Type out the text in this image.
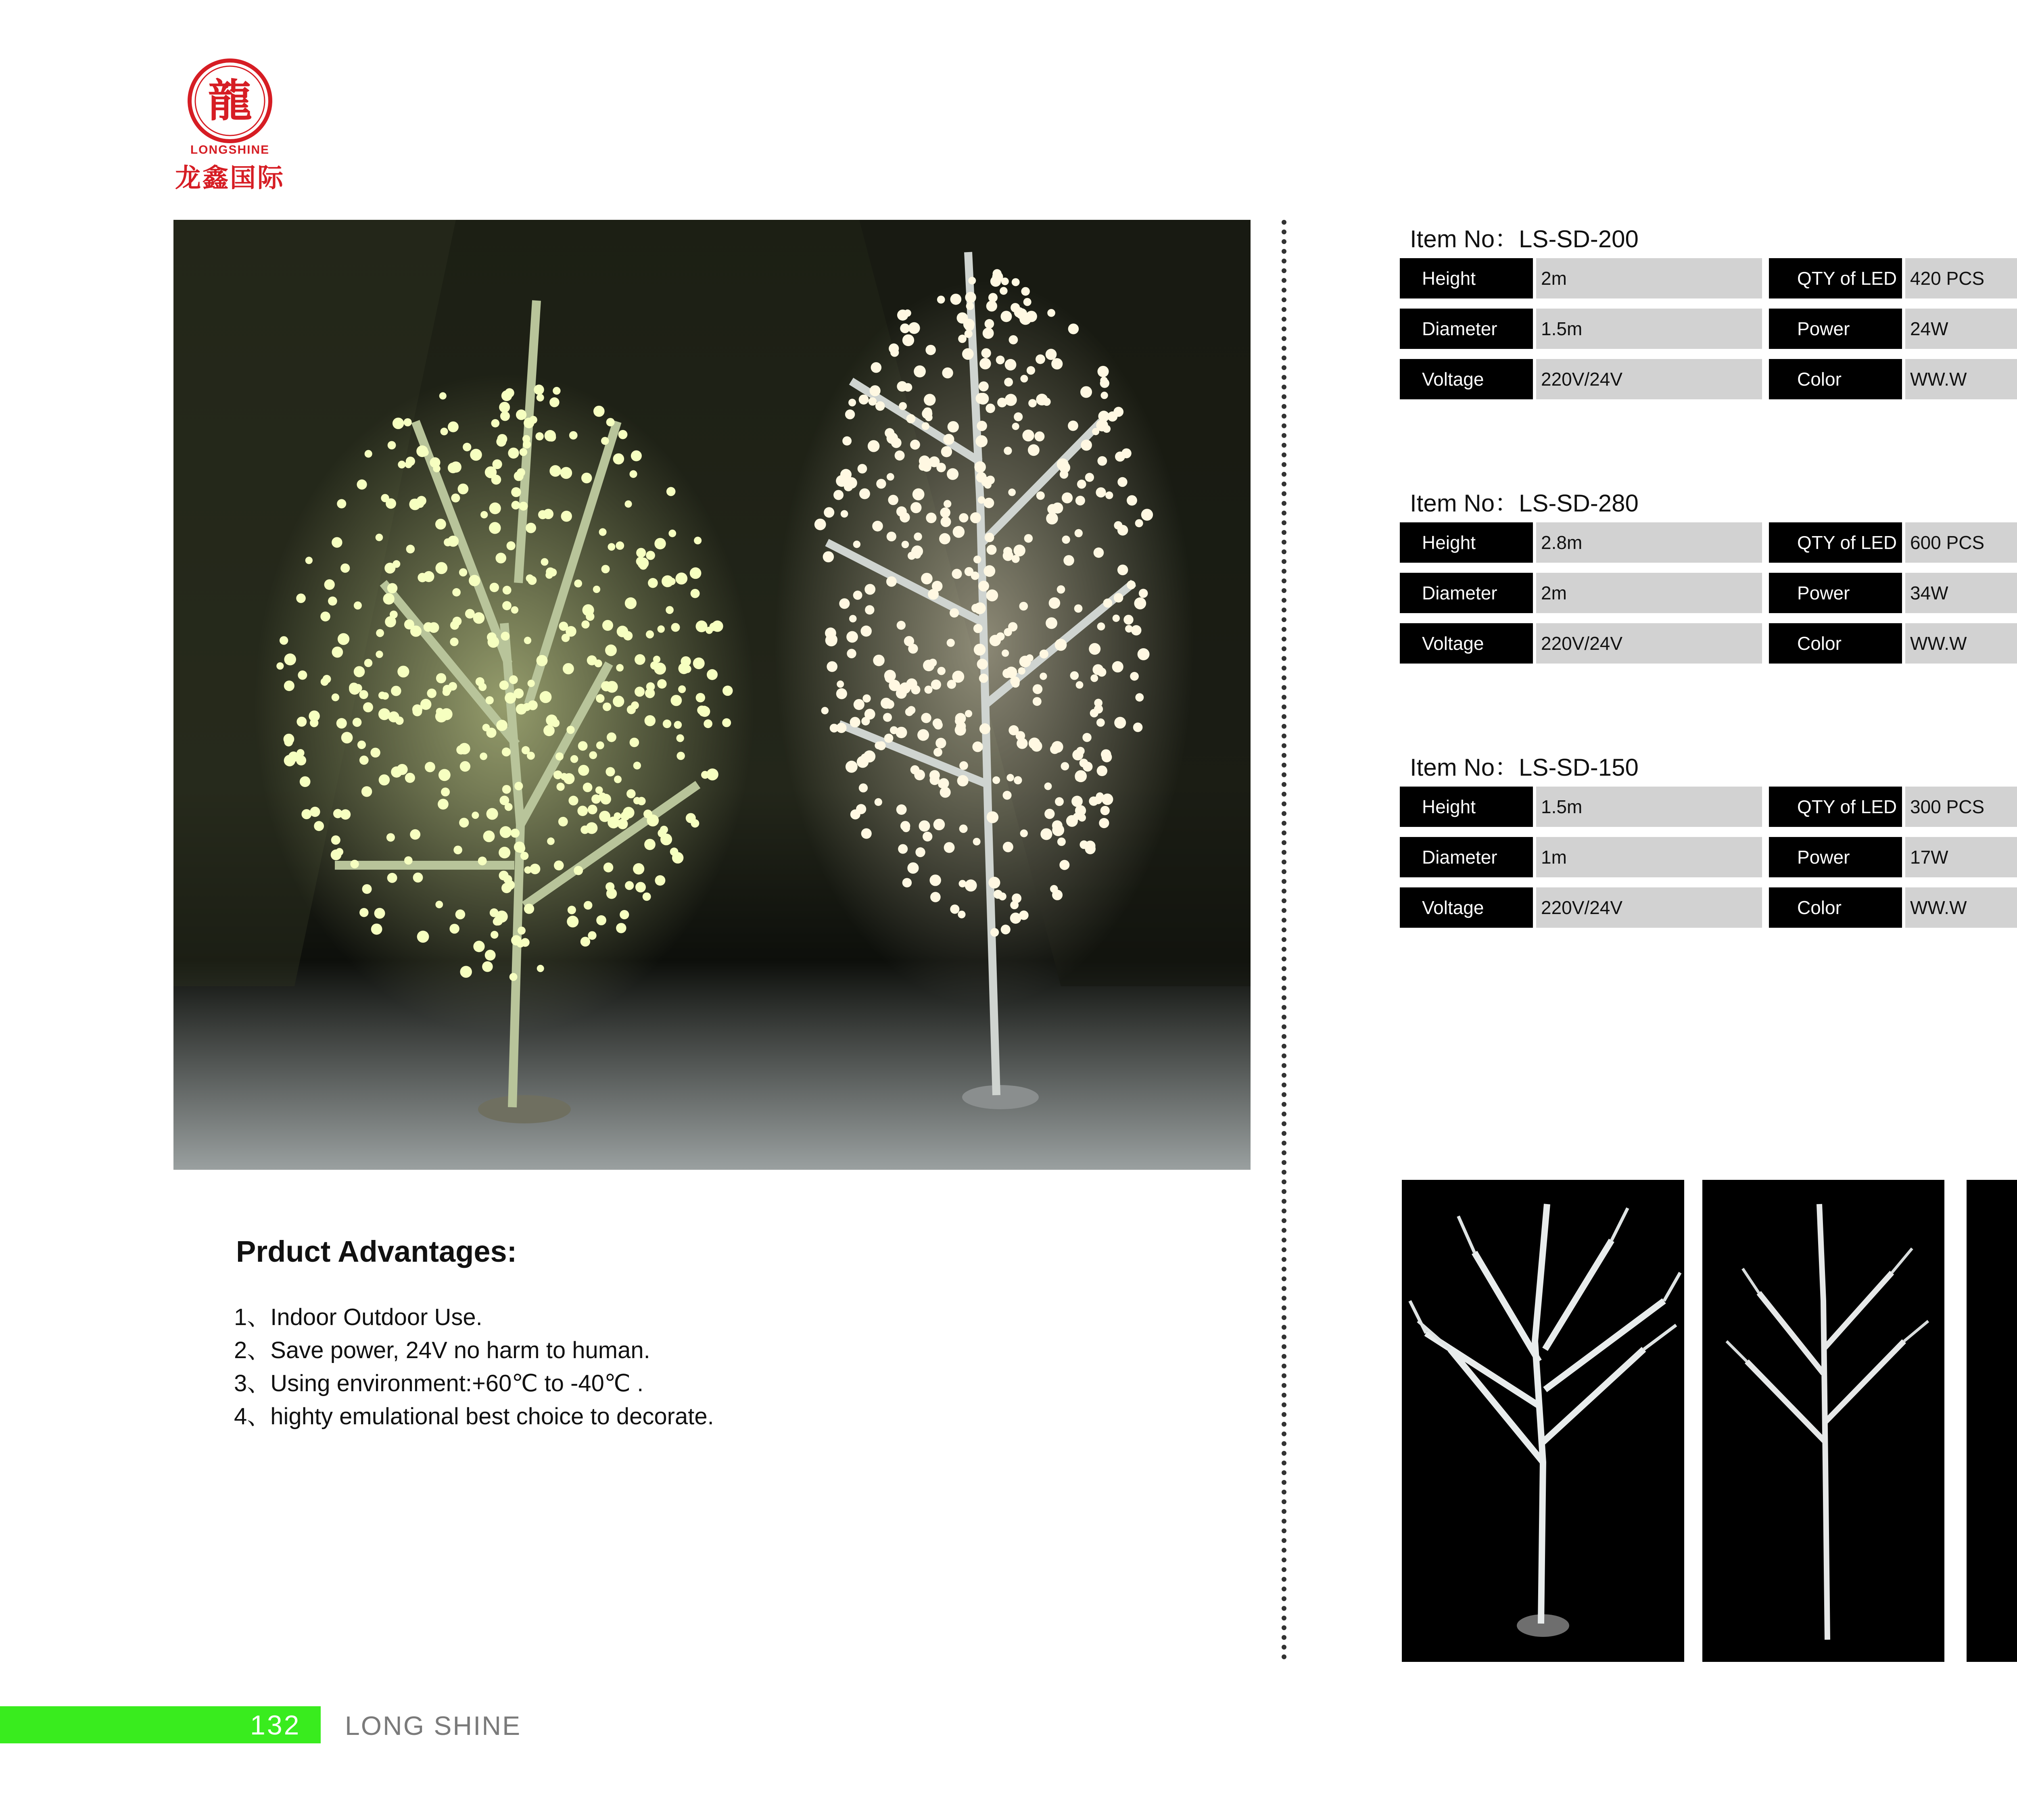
龍
LONGSHINE
龙鑫国际
Item No：LS-SD-200
Height	2m	QTY of LED 420 PCS
Diameter	1.5m	Power	24W
Voltage	220V/24V	Color	WW.W
Item No：LS-SD-280
Height	2.8m	QTY of LED 600 PCS
Diameter	2m	Power	34W
Voltage	220V/24V	Color	WW.W
Item No：LS-SD-150
Height	1.5m	QTY of LED 300 PCS
Diameter	1m	Power	17W
Voltage	220V/24V	Color	WW.W
Prduct Advantages:
1、Indoor Outdoor Use.
2、Save power, 24V no harm to human.
3、Using environment:+60℃ to -40℃ .
4、highty emulational best choice to decorate.
132 LONG SHINE
